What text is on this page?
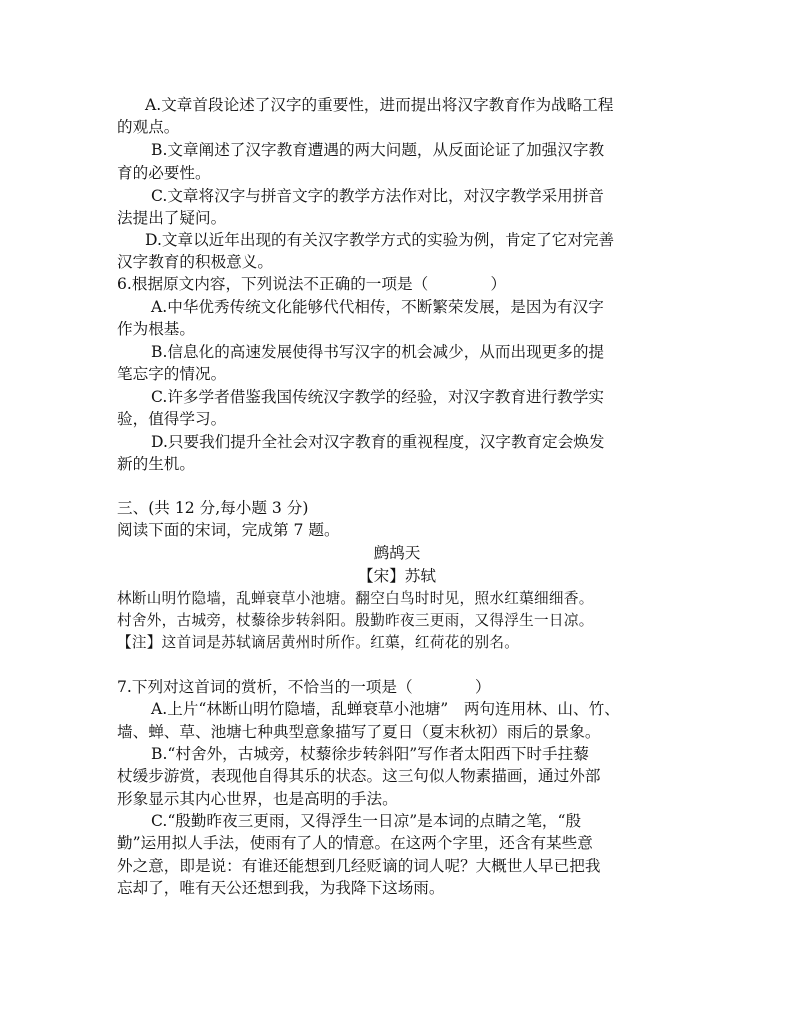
A.文章首段论述了汉字的重要性，进而提出将汉字教育作为战略工程
的观点。
B.文章阐述了汉字教育遭遇的两大问题，从反面论证了加强汉字教
育的必要性。
C.文章将汉字与拼音文字的教学方法作对比，对汉字教学采用拼音
法提出了疑问。
D.文章以近年出现的有关汉字教学方式的实验为例，肯定了它对完善
汉字教育的积极意义。
6.根据原文内容，下列说法不正确的一项是（　　　　）
A.中华优秀传统文化能够代代相传，不断繁荣发展，是因为有汉字
作为根基。
B.信息化的高速发展使得书写汉字的机会减少，从而出现更多的提
笔忘字的情况。
C.许多学者借鉴我国传统汉字教学的经验，对汉字教育进行教学实
验，值得学习。
D.只要我们提升全社会对汉字教育的重视程度，汉字教育定会焕发
新的生机。
三、(共 12 分,每小题 3 分)
阅读下面的宋词，完成第 7 题。
鹧鸪天
【宋】苏轼
林断山明竹隐墙，乱蝉衰草小池塘。翻空白鸟时时见，照水红蕖细细香。
村舍外，古城旁，杖藜徐步转斜阳。殷勤昨夜三更雨，又得浮生一日凉。
【注】这首词是苏轼谪居黄州时所作。红蕖，红荷花的别名。
7.下列对这首词的赏析，不恰当的一项是（　　　　）
A.上片“林断山明竹隐墙，乱蝉衰草小池塘”　两句连用林、山、竹、
墙、蝉、草、池塘七种典型意象描写了夏日（夏末秋初）雨后的景象。
B.“村舍外，古城旁，杖藜徐步转斜阳”写作者太阳西下时手拄藜
杖缓步游赏，表现他自得其乐的状态。这三句似人物素描画，通过外部
形象显示其内心世界，也是高明的手法。
C.“殷勤昨夜三更雨，又得浮生一日凉”是本词的点睛之笔，“殷
勤”运用拟人手法，使雨有了人的情意。在这两个字里，还含有某些意
外之意，即是说：有谁还能想到几经贬谪的词人呢？大概世人早已把我
忘却了，唯有天公还想到我，为我降下这场雨。
